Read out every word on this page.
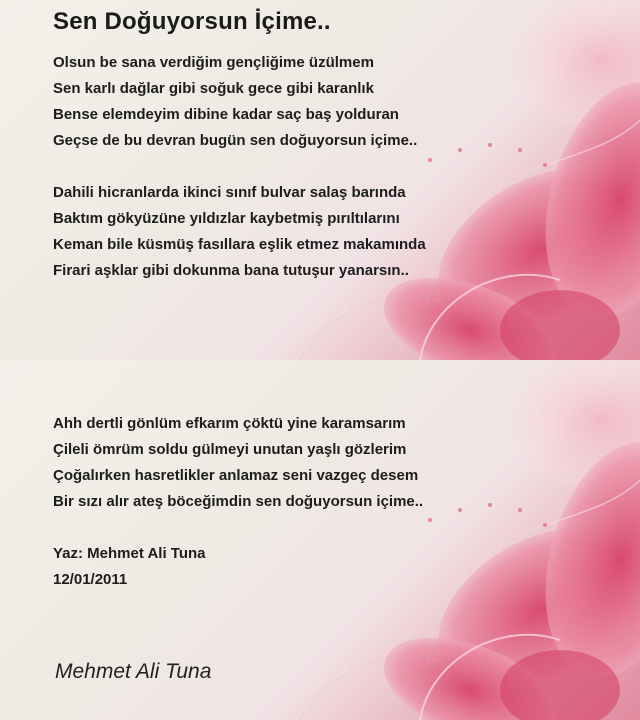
Sen Doğuyorsun İçime..
Olsun be sana verdiğim gençliğime üzülmem
Sen karlı dağlar gibi soğuk gece gibi karanlık
Bense elemdeyim dibine kadar saç baş yolduran
Geçse de bu devran bugün sen doğuyorsun içime..
Dahili hicranlarda ikinci sınıf bulvar salaş barında
Baktım gökyüzüne yıldızlar kaybetmiş pırıltılarını
Keman bile küsmüş fasıllara eşlik etmez makamında
Firari aşklar gibi dokunma bana tutuşur yanarsın..
Ahh dertli gönlüm efkarım çöktü yine karamsarım
Çileli ömrüm soldu gülmeyi unutan yaşlı gözlerim
Çoğalırken hasretlikler anlamaz seni vazgeç desem
Bir sızı alır ateş böceğimdin sen doğuyorsun içime..
Yaz: Mehmet Ali Tuna
12/01/2011
Mehmet Ali Tuna
